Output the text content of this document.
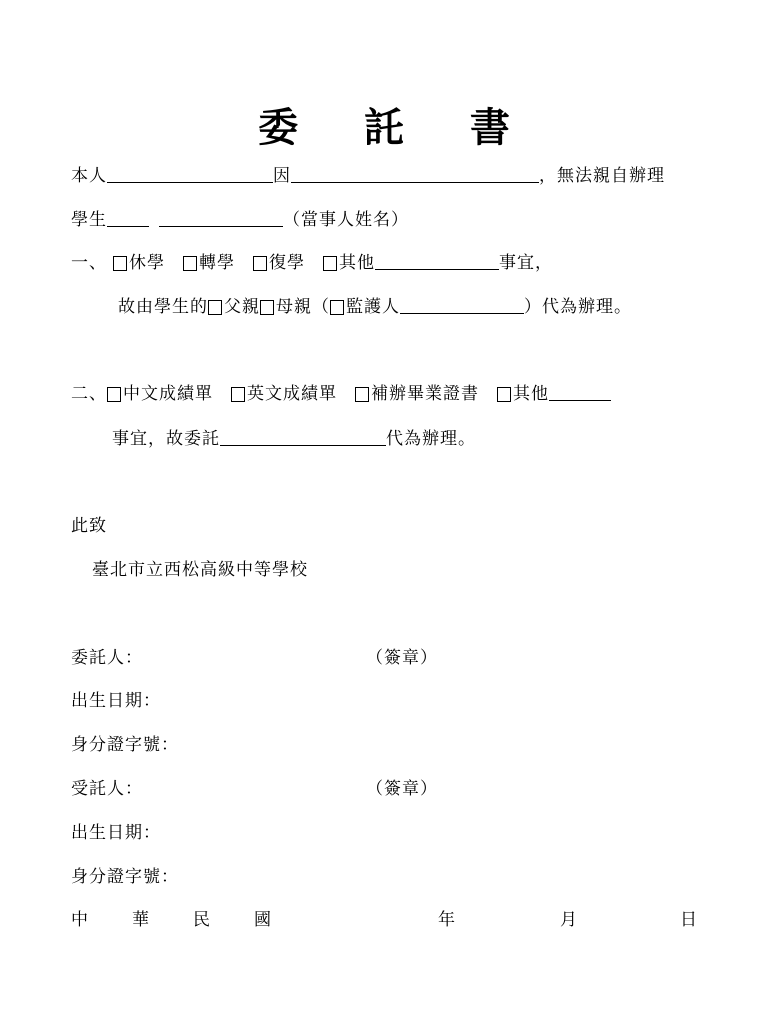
委 託 書
本人	因	，無法親自辦理
學生	（當事人姓名）
一、 休學 轉學 復學 其他	事宜，
故由學生的 父親 母親（ 監護人	）代為辦理。
二、 中文成績單 英文成績單 補辦畢業證書 其他
事宜，故委託	代為辦理。
此致
臺北市立西松高級中等學校
委託人：	（簽章）
出生日期：
身分證字號：
受託人：	（簽章）
出生日期：
身分證字號：
中	華	民	國	年	月	日
